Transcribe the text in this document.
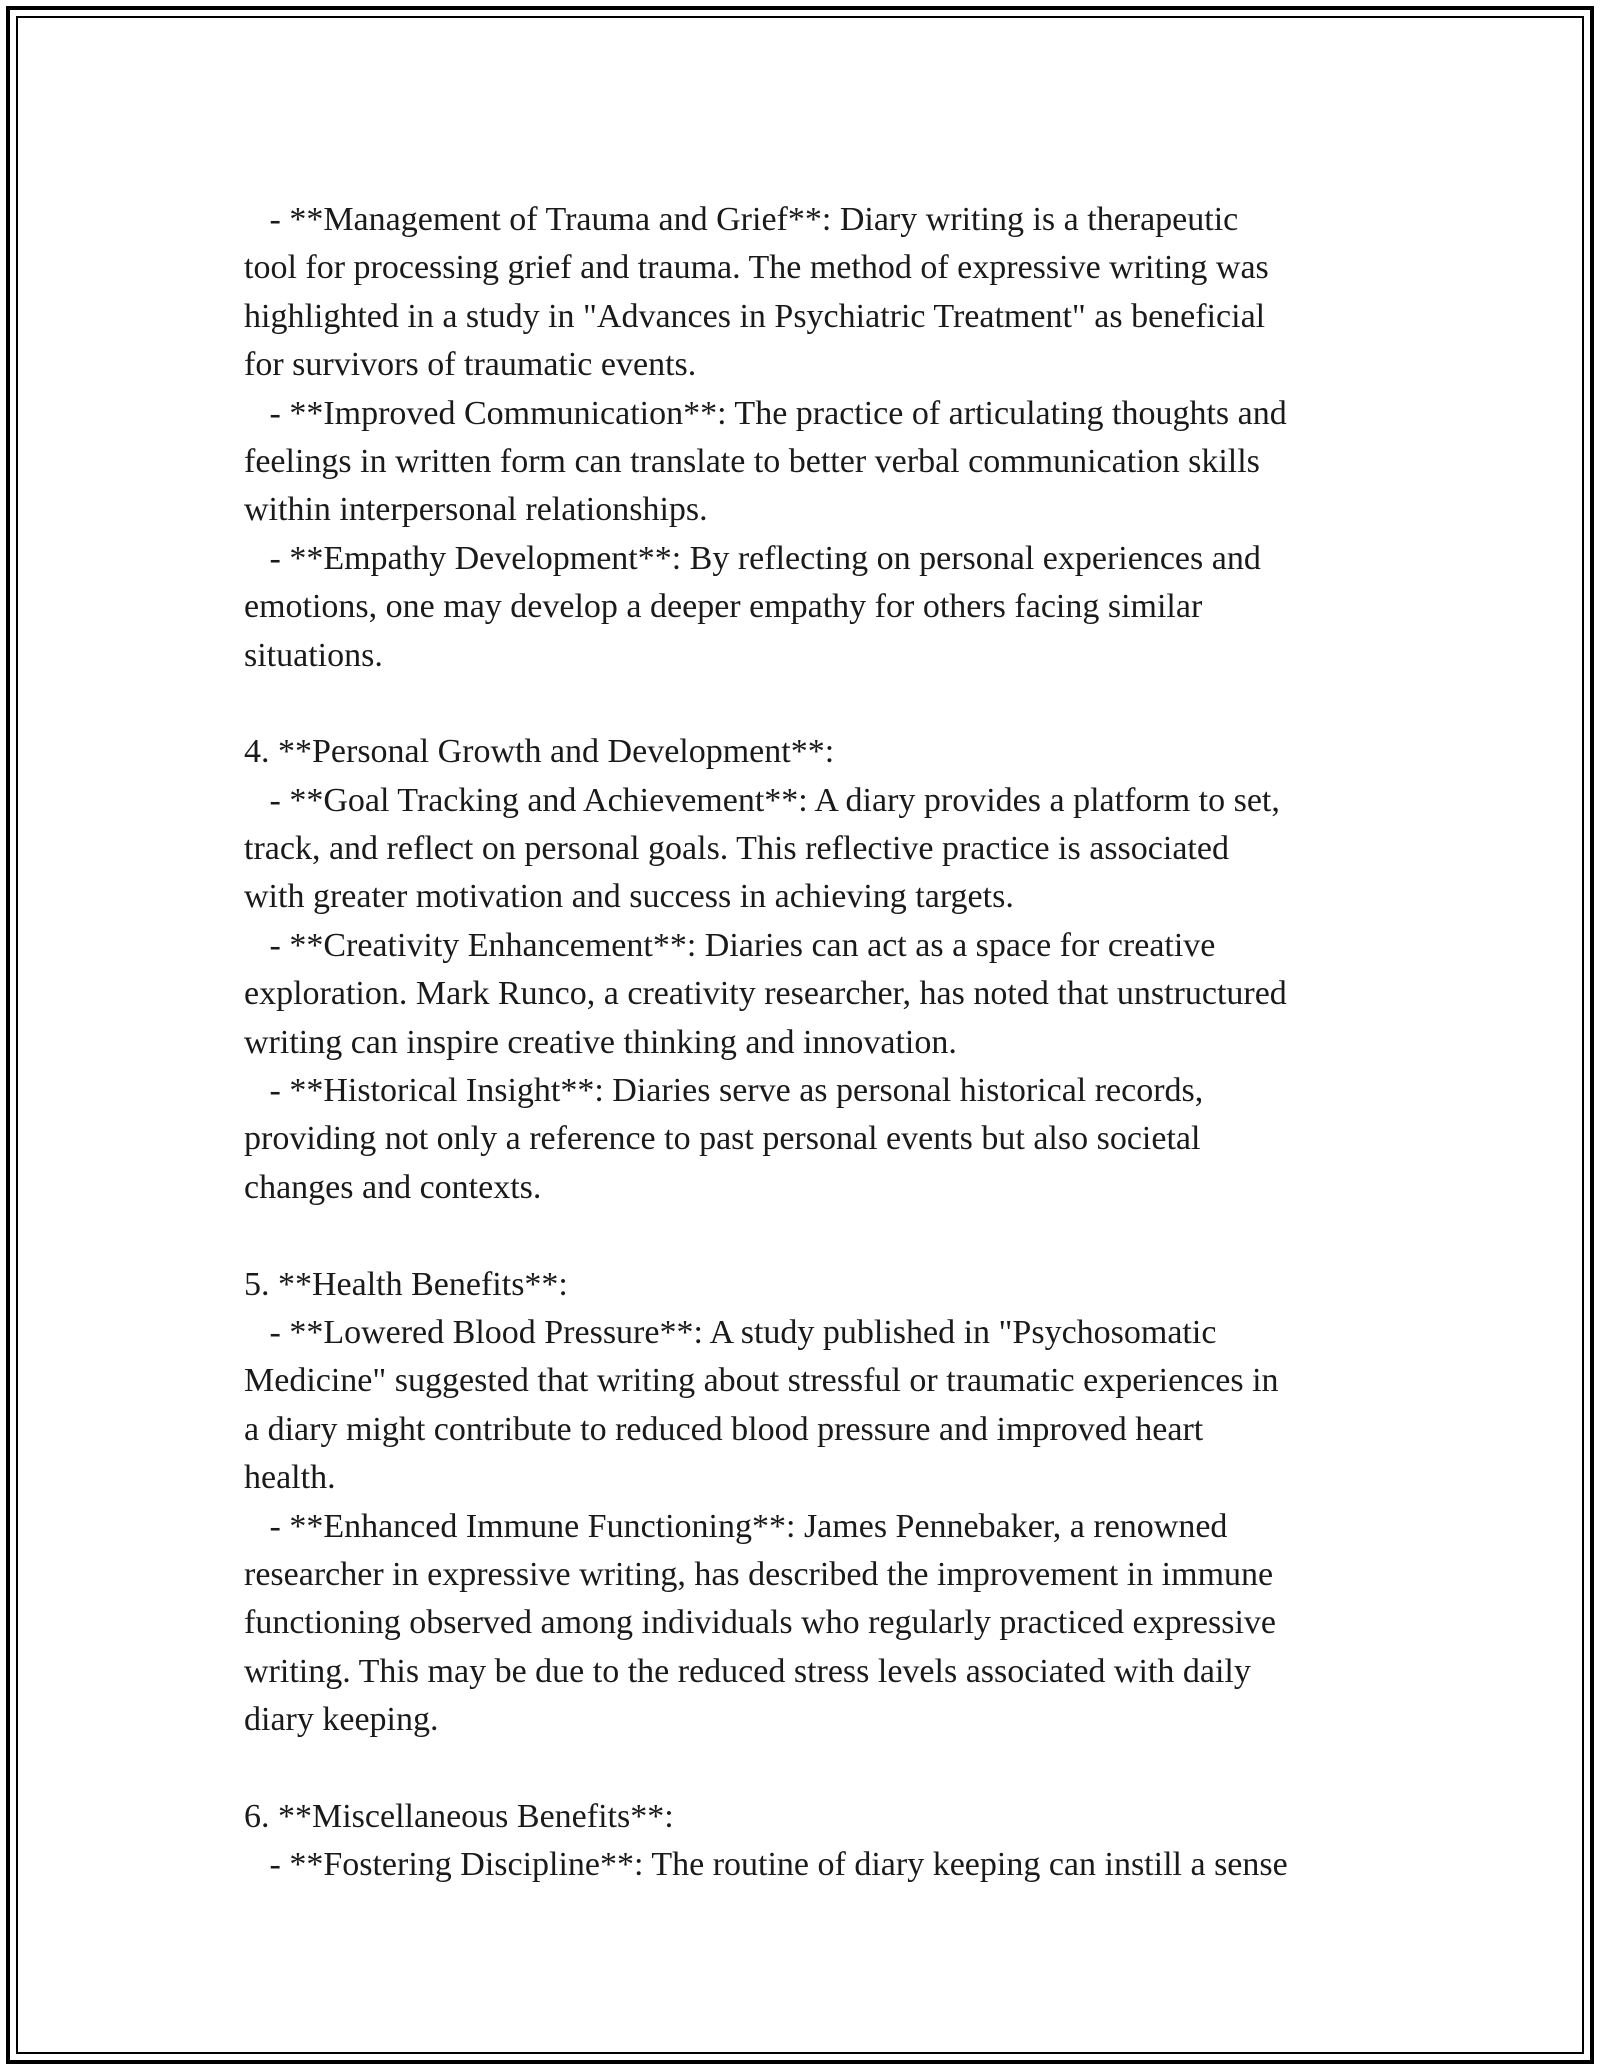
- **Management of Trauma and Grief**: Diary writing is a therapeutic
tool for processing grief and trauma. The method of expressive writing was
highlighted in a study in "Advances in Psychiatric Treatment" as beneficial
for survivors of traumatic events.
- **Improved Communication**: The practice of articulating thoughts and
feelings in written form can translate to better verbal communication skills
within interpersonal relationships.
- **Empathy Development**: By reflecting on personal experiences and
emotions, one may develop a deeper empathy for others facing similar
situations.
4. **Personal Growth and Development**:
- **Goal Tracking and Achievement**: A diary provides a platform to set,
track, and reflect on personal goals. This reflective practice is associated
with greater motivation and success in achieving targets.
- **Creativity Enhancement**: Diaries can act as a space for creative
exploration. Mark Runco, a creativity researcher, has noted that unstructured
writing can inspire creative thinking and innovation.
- **Historical Insight**: Diaries serve as personal historical records,
providing not only a reference to past personal events but also societal
changes and contexts.
5. **Health Benefits**:
- **Lowered Blood Pressure**: A study published in "Psychosomatic
Medicine" suggested that writing about stressful or traumatic experiences in
a diary might contribute to reduced blood pressure and improved heart
health.
- **Enhanced Immune Functioning**: James Pennebaker, a renowned
researcher in expressive writing, has described the improvement in immune
functioning observed among individuals who regularly practiced expressive
writing. This may be due to the reduced stress levels associated with daily
diary keeping.
6. **Miscellaneous Benefits**:
- **Fostering Discipline**: The routine of diary keeping can instill a sense
